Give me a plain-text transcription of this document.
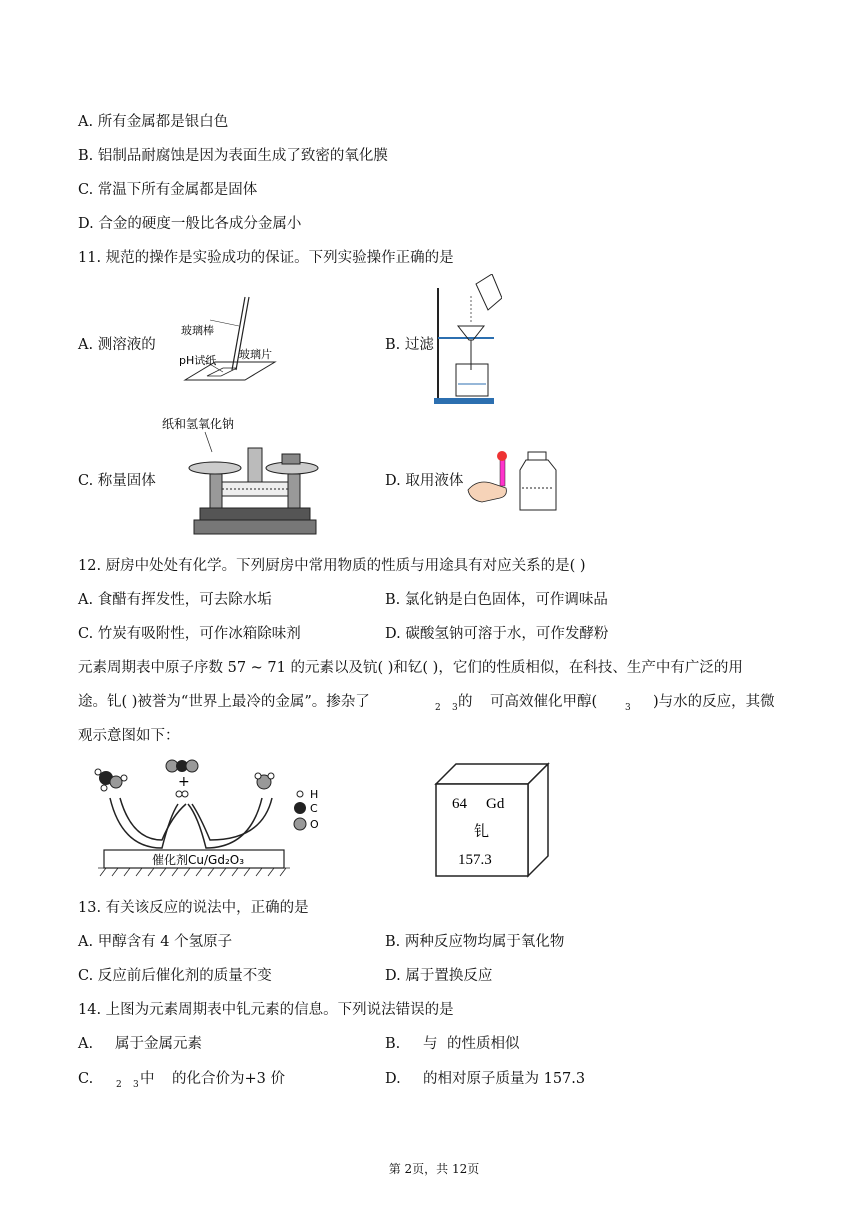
A. 所有金属都是银白色
B. 铝制品耐腐蚀是因为表面生成了致密的氧化膜
C. 常温下所有金属都是固体
D. 合金的硬度一般比各成分金属小
11. 规范的操作是实验成功的保证。下列实验操作正确的是
A. 测溶液的
玻璃棒
pH试纸 玻璃片
B. 过滤
C. 称量固体
纸和氢氧化钠
D. 取用液体
12. 厨房中处处有化学。下列厨房中常用物质的性质与用途具有对应关系的是( )
A. 食醋有挥发性，可去除水垢	B. 氯化钠是白色固体，可作调味品
C. 竹炭有吸附性，可作冰箱除味剂	D. 碳酸氢钠可溶于水，可作发酵粉
元素周期表中原子序数 57 ~ 71 的元素以及钪( )和钇( )，它们的性质相似，在科技、生产中有广泛的用
途。钆( )被誉为“世界上最冷的金属”。掺杂了	2 3 的 可高效催化甲醇(	3 )与水的反应，其微
观示意图如下：
+
H
C
O
催化剂Cu/Gd₂O₃
64 Gd
钆
157.3
13. 有关该反应的说法中，正确的是
A. 甲醇含有 4 个氢原子	B. 两种反应物均属于氧化物
C. 反应前后催化剂的质量不变	D. 属于置换反应
14. 上图为元素周期表中钆元素的信息。下列说法错误的是
A. 属于金属元素	B. 与 的性质相似
C.	2 3 中 的化合价为+3 价	D. 的相对原子质量为 157.3
第 2页，共 12页
